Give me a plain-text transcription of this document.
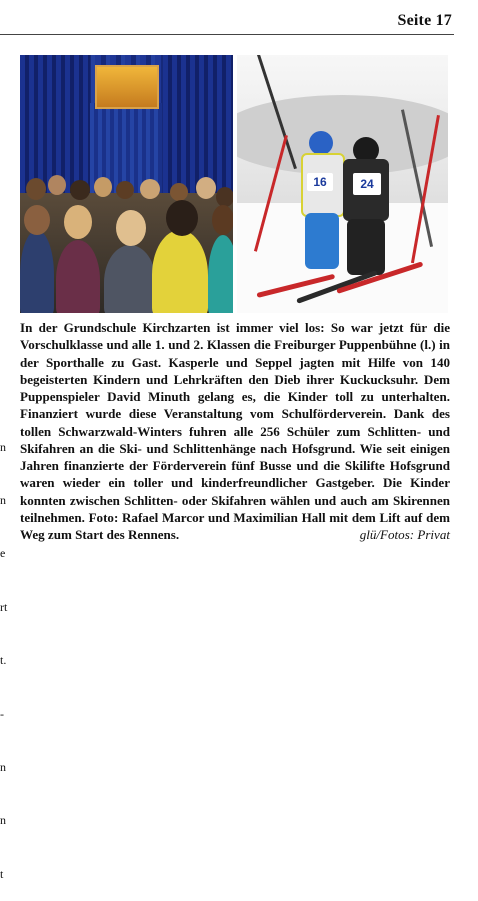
Seite 17
16	24

n

n

e

rt

t.

-

n

n

t

In der Grundschule Kirchzarten ist immer viel los: So war jetzt für die Vorschulklasse und alle 1. und 2. Klassen die Freiburger Puppenbühne (l.) in der Sporthalle zu Gast. Kasperle und Seppel jagten mit Hilfe von 140 begeisterten Kindern und Lehrkräften den Dieb ihrer Kuckucksuhr. Dem Puppenspieler David Minuth gelang es, die Kinder toll zu unterhalten. Finanziert wurde diese Veranstaltung vom Schulförderverein. Dank des tollen Schwarzwald-Winters fuhren alle 256 Schüler zum Schlitten- und Skifahren an die Ski- und Schlittenhänge nach Hofsgrund. Wie seit einigen Jahren finanzierte der Förderverein fünf Busse und die Skilifte Hofsgrund waren wieder ein toller und kinderfreundlicher Gastgeber. Die Kinder konnten zwischen Schlitten- oder Skifahren wählen und auch am Skirennen teilnehmen. Foto: Rafael Marcor und Maximilian Hall mit dem Lift auf dem Weg zum Start des Rennens.	glü/Fotos: Privat
